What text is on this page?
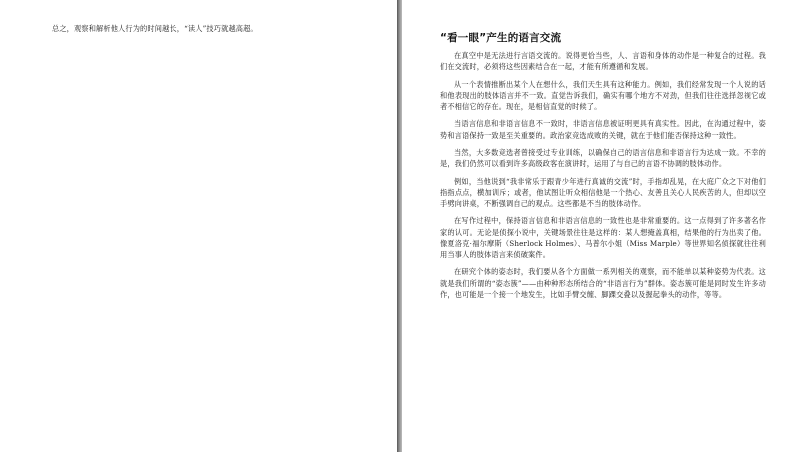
总之，观察和解析他人行为的时间越长，“读人”技巧就越高超。
“看一眼”产生的语言交流

在真空中是无法进行言语交流的。说得更恰当些，人、言语和身体的动作是一种复合的过程。我们在交流时，必须将这些因素结合在一起，才能有所遵循和发展。

从一个表情推断出某个人在想什么，我们天生具有这种能力。例如，我们经常发现一个人说的话和他表现出的肢体语言并不一致。直觉告诉我们，确实有哪个地方不对劲，但我们往往选择忽视它或者不相信它的存在。现在，是相信直觉的时候了。

当语言信息和非语言信息不一致时，非语言信息被证明更具有真实性。因此，在沟通过程中，姿势和言语保持一致是至关重要的。政治家竞选成败的关键，就在于他们能否保持这种一致性。

当然，大多数竞选者曾接受过专业训练，以确保自己的语言信息和非语言行为达成一致。不幸的是，我们仍然可以看到许多高级政客在演讲时，运用了与自己的言语不协调的肢体动作。

例如，当他说到“我非常乐于跟青少年进行真诚的交流”时，手指却乱晃，在大庭广众之下对他们指指点点，横加训斥；或者，他试图让听众相信他是一个热心、友善且关心人民疾苦的人，但却以空手劈向讲桌，不断强调自己的观点。这些都是不当的肢体动作。

在写作过程中，保持语言信息和非语言信息的一致性也是非常重要的。这一点得到了许多著名作家的认可。无论是侦探小说中，关键场景往往是这样的：某人想掩盖真相，结果他的行为出卖了他。像夏洛克·福尔摩斯（Sherlock Holmes）、马普尔小姐（Miss Marple）等世界知名侦探就往往利用当事人的肢体语言来侦破案件。

在研究个体的姿态时，我们要从各个方面做一系列相关的观察，而不能单以某种姿势为代表。这就是我们所谓的“姿态簇”——由种种形态所结合的“非语言行为”群体。姿态簇可能是同时发生许多动作，也可能是一个接一个地发生，比如手臂交缠、脚踝交叠以及握起拳头的动作，等等。
